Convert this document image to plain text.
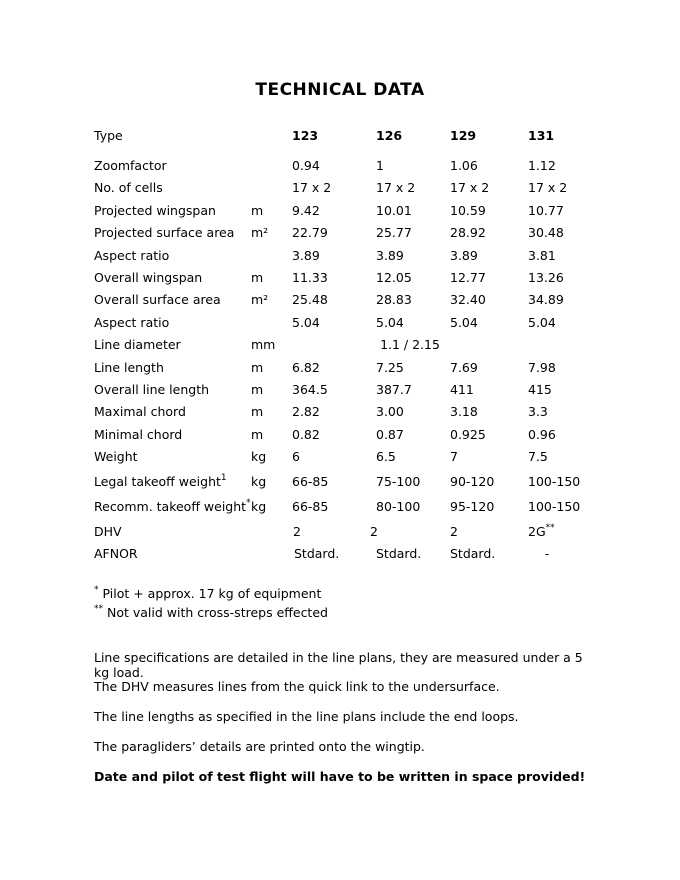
TECHNICAL DATA
Type		123	126	129	131
Zoomfactor		0.94	1	1.06	1.12
No. of cells		17 x 2	17 x 2	17 x 2	17 x 2
Projected wingspan	m	9.42	10.01	10.59	10.77
Projected surface area	m²	22.79	25.77	28.92	30.48
Aspect ratio		3.89	3.89	3.89	3.81
Overall wingspan	m	11.33	12.05	12.77	13.26
Overall surface area	m²	25.48	28.83	32.40	34.89
Aspect ratio		5.04	5.04	5.04	5.04
Line diameter	mm	1.1 / 2.15			
Line length	m	6.82	7.25	7.69	7.98
Overall line length	m	364.5	387.7	411	415
Maximal chord	m	2.82	3.00	3.18	3.3
Minimal chord	m	0.82	0.87	0.925	0.96
Weight	kg	6	6.5	7	7.5
Legal takeoff weight$^1$	kg	66-85	75-100	90-120	100-150
Recomm. takeoff weight*	kg	66-85	80-100	95-120	100-150
DHV		2	2	2	2G**
AFNOR		Stdard.	Stdard.	Stdard.	-
* Pilot + approx. 17 kg of equipment
** Not valid with cross-streps effected
Line specifications are detailed in the line plans, they are measured under a 5 kg load.
The DHV measures lines from the quick link to the undersurface.
The line lengths as specified in the line plans include the end loops.
The paragliders’ details are printed onto the wingtip.
Date and pilot of test flight will have to be written in space provided!
